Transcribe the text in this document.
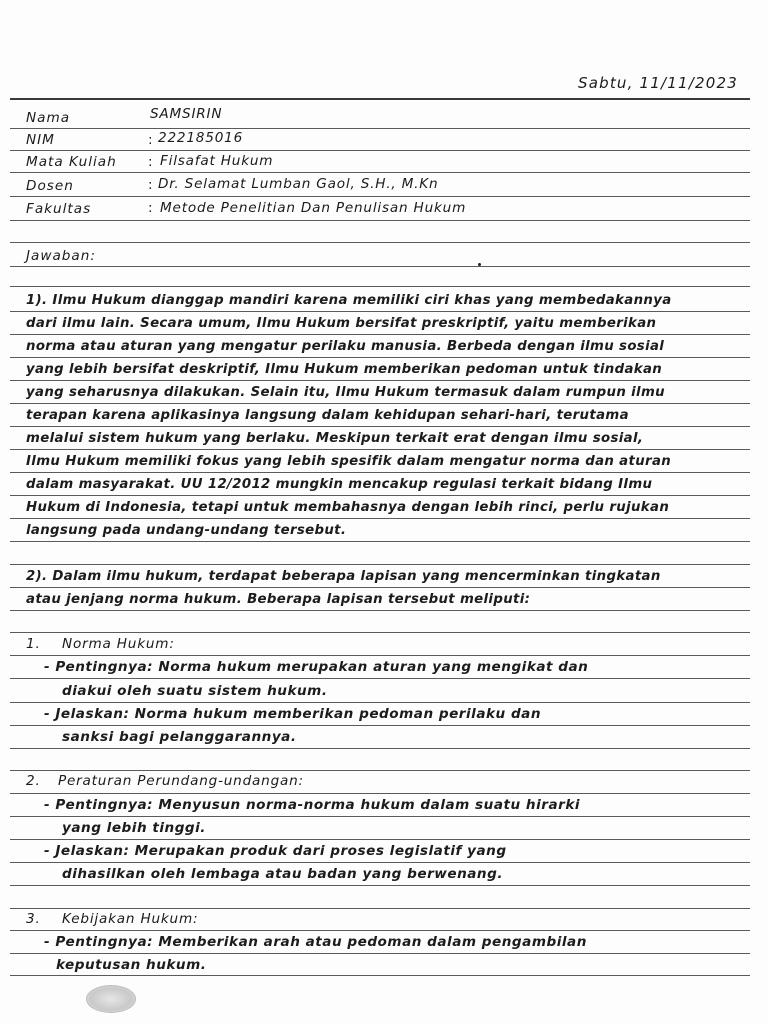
Sabtu, 11/11/2023
Nama	SAMSIRIN
NIM	: 222185016
Mata Kuliah : Filsafat Hukum
Dosen	: Dr. Selamat Lumban Gaol, S.H., M.Kn
Fakultas	: Metode Penelitian Dan Penulisan Hukum
Jawaban:
1). Ilmu Hukum dianggap mandiri karena memiliki ciri khas yang membedakannya
dari ilmu lain. Secara umum, Ilmu Hukum bersifat preskriptif, yaitu memberikan
norma atau aturan yang mengatur perilaku manusia. Berbeda dengan ilmu sosial
yang lebih bersifat deskriptif, Ilmu Hukum memberikan pedoman untuk tindakan
yang seharusnya dilakukan. Selain itu, Ilmu Hukum termasuk dalam rumpun ilmu
terapan karena aplikasinya langsung dalam kehidupan sehari-hari, terutama
melalui sistem hukum yang berlaku. Meskipun terkait erat dengan ilmu sosial,
Ilmu Hukum memiliki fokus yang lebih spesifik dalam mengatur norma dan aturan
dalam masyarakat. UU 12/2012 mungkin mencakup regulasi terkait bidang Ilmu
Hukum di Indonesia, tetapi untuk membahasnya dengan lebih rinci, perlu rujukan
langsung pada undang-undang tersebut.
2). Dalam ilmu hukum, terdapat beberapa lapisan yang mencerminkan tingkatan
atau jenjang norma hukum. Beberapa lapisan tersebut meliputi:
1. Norma Hukum:
- Pentingnya: Norma hukum merupakan aturan yang mengikat dan
diakui oleh suatu sistem hukum.
- Jelaskan: Norma hukum memberikan pedoman perilaku dan
sanksi bagi pelanggarannya.
2. Peraturan Perundang-undangan:
- Pentingnya: Menyusun norma-norma hukum dalam suatu hirarki
yang lebih tinggi.
- Jelaskan: Merupakan produk dari proses legislatif yang
dihasilkan oleh lembaga atau badan yang berwenang.
3. Kebijakan Hukum:
- Pentingnya: Memberikan arah atau pedoman dalam pengambilan
keputusan hukum.
